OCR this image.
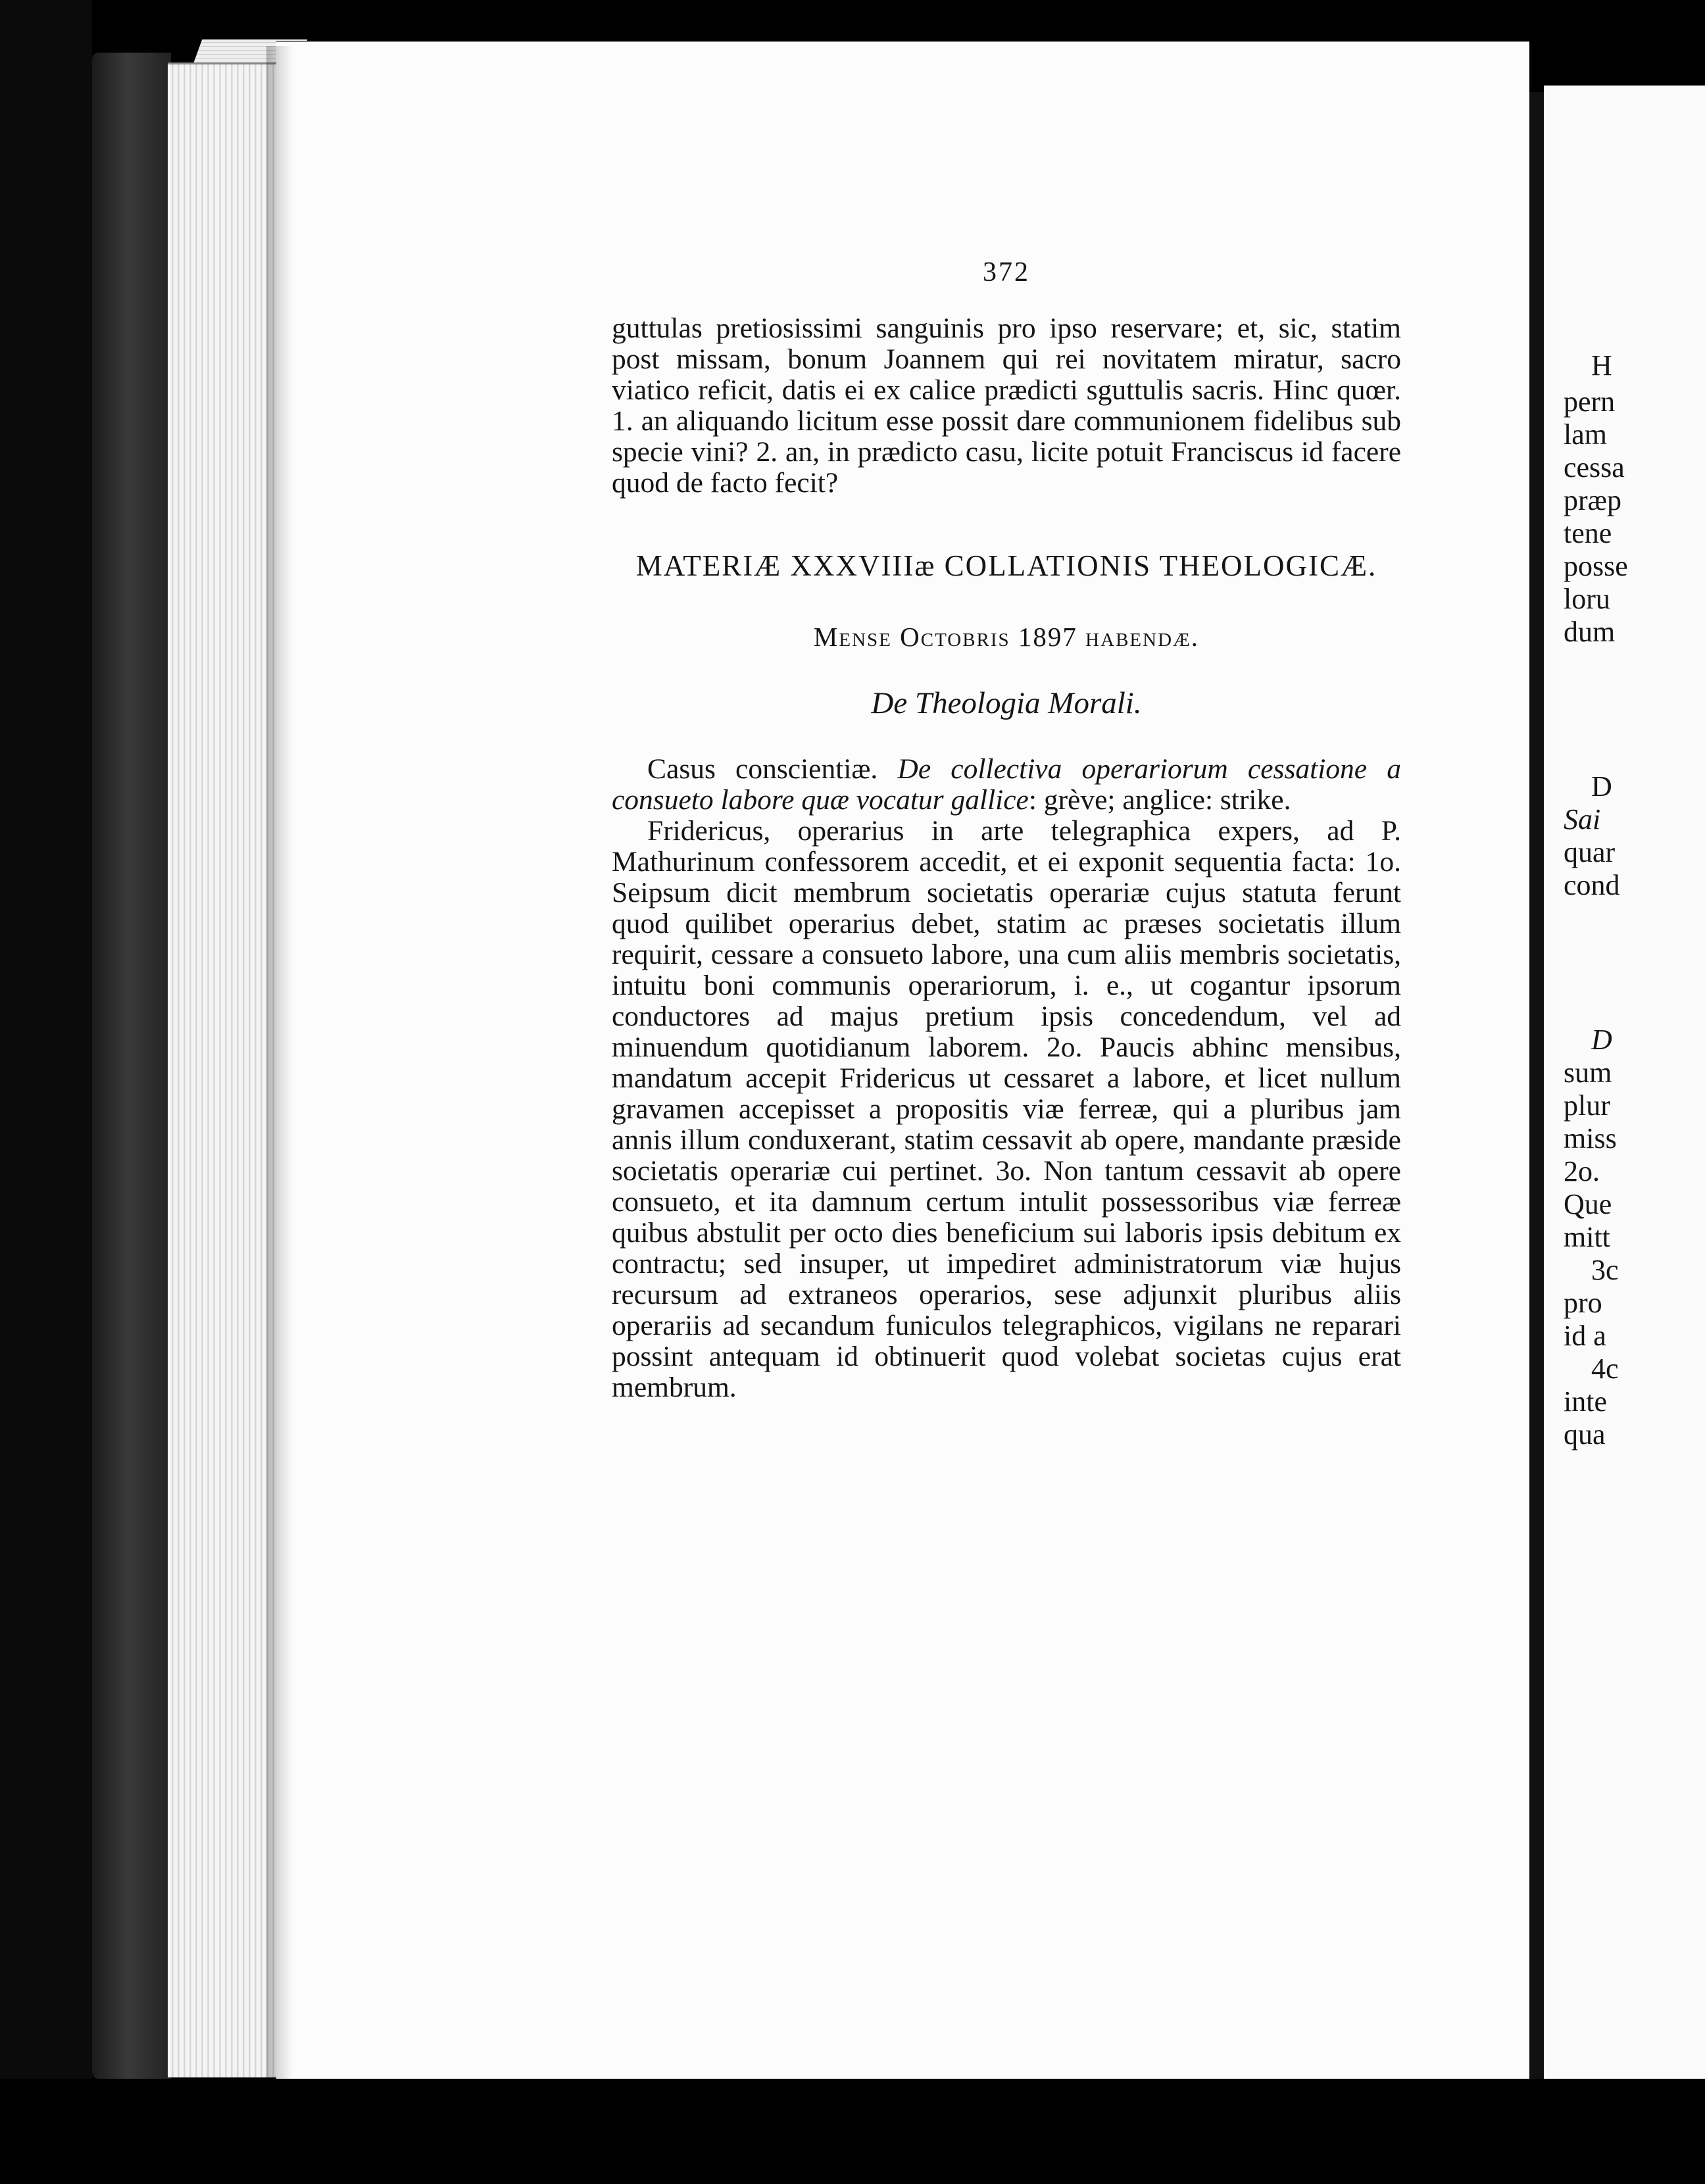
372

guttulas pretiosissimi sanguinis pro ipso reservare; et, sic, statim post missam, bonum Joannem qui rei novitatem miratur, sacro viatico reficit, datis ei ex calice prædicti sguttulis sacris. Hinc quœr. 1. an aliquando licitum esse possit dare communionem fidelibus sub specie vini? 2. an, in prædicto casu, licite potuit Franciscus id facere quod de facto fecit?

MATERIÆ XXXVIIIæ COLLATIONIS THEOLOGICÆ.
Mense Octobris 1897 habendæ.
De Theologia Morali.

Casus conscientiæ. De collectiva operariorum cessatione a consueto labore quæ vocatur gallice: grève; anglice: strike.

Fridericus, operarius in arte telegraphica expers, ad P. Mathurinum confessorem accedit, et ei exponit sequentia facta: 1o. Seipsum dicit membrum societatis operariæ cujus statuta ferunt quod quilibet operarius debet, statim ac præses societatis illum requirit, cessare a consueto labore, una cum aliis membris societatis, intuitu boni communis operariorum, i. e., ut cogantur ipsorum conductores ad majus pretium ipsis concedendum, vel ad minuendum quotidianum laborem. 2o. Paucis abhinc mensibus, mandatum accepit Fridericus ut cessaret a labore, et licet nullum gravamen accepisset a propositis viæ ferreæ, qui a pluribus jam annis illum conduxerant, statim cessavit ab opere, mandante præside societatis operariæ cui pertinet. 3o. Non tantum cessavit ab opere consueto, et ita damnum certum intulit possessoribus viæ ferreæ quibus abstulit per octo dies beneficium sui laboris ipsis debitum ex contractu; sed insuper, ut impediret administratorum viæ hujus recursum ad extraneos operarios, sese adjunxit pluribus aliis operariis ad secandum funiculos telegraphicos, vigilans ne reparari possint antequam id obtinuerit quod volebat societas cujus erat membrum.

H
pern
lam
cessa
præp
tene
posse
loru
dum
D
Sai
quar
cond
D
sum
plur
miss
2o.
Que
mitt
3c
pro
id a
4c
inte
qua
